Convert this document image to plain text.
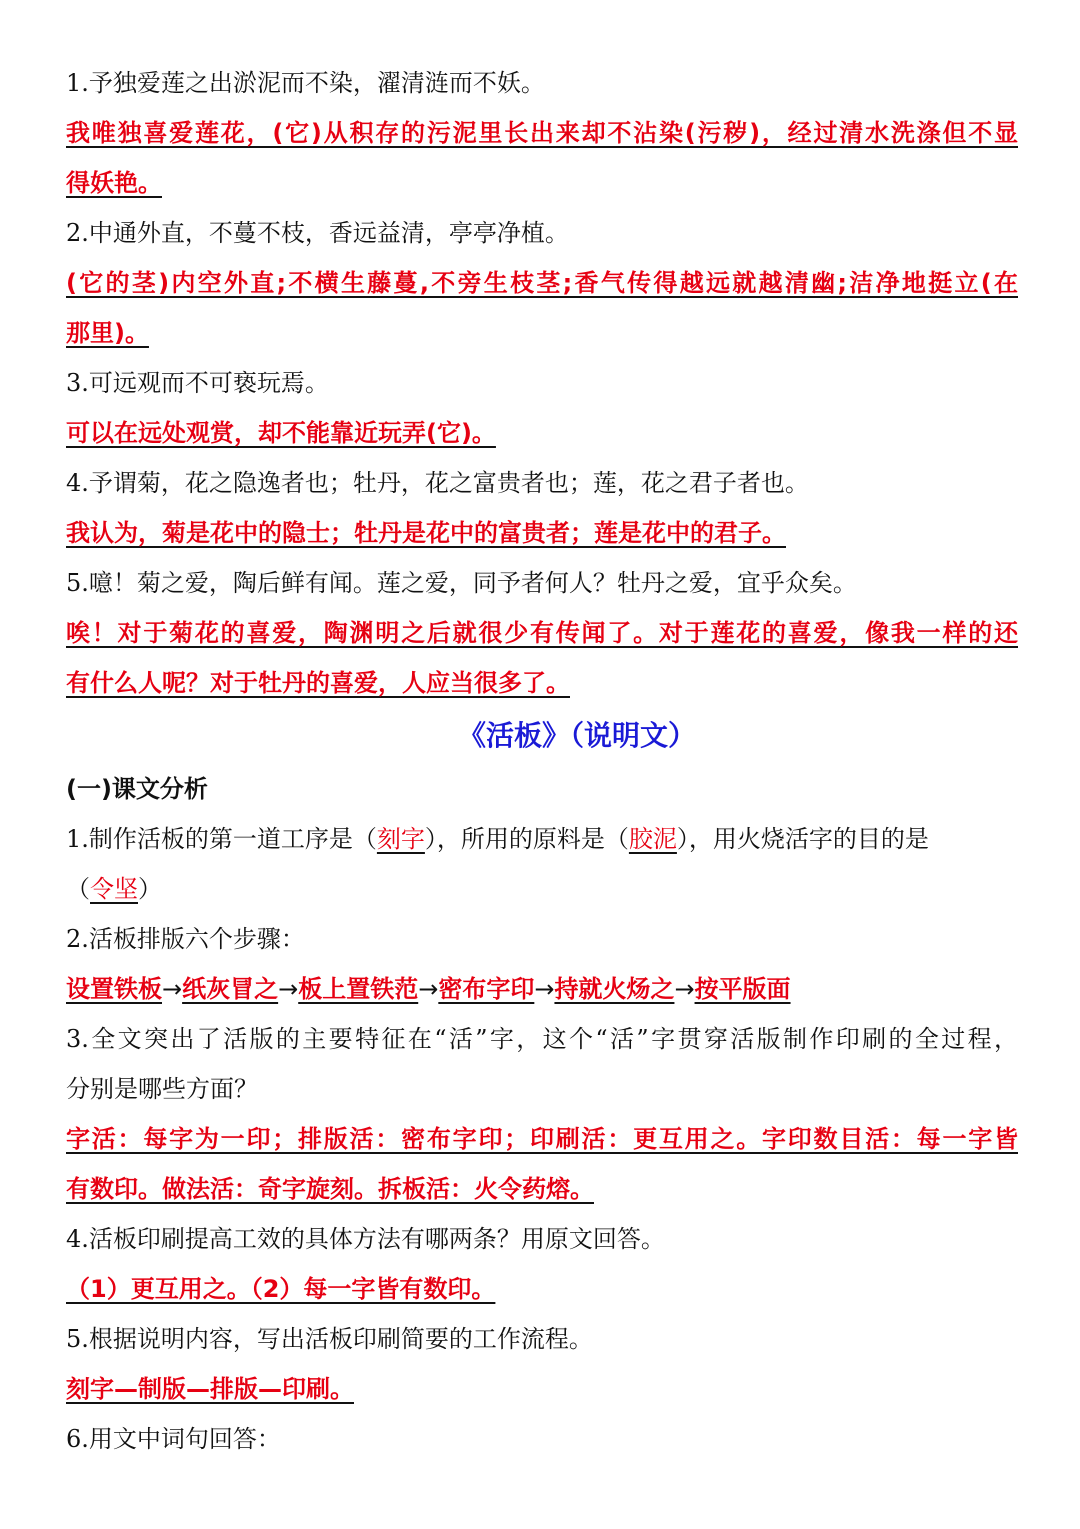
1.予独爱莲之出淤泥而不染，濯清涟而不妖。
我唯独喜爱莲花，(它)从积存的污泥里长出来却不沾染(污秽)，经过清水洗涤但不显
得妖艳。
2.中通外直，不蔓不枝，香远益清，亭亭净植。
(它的茎)内空外直;不横生藤蔓,不旁生枝茎;香气传得越远就越清幽;洁净地挺立(在
那里)。
3.可远观而不可亵玩焉。
可以在远处观赏，却不能靠近玩弄(它)。
4.予谓菊，花之隐逸者也；牡丹，花之富贵者也；莲，花之君子者也。
我认为，菊是花中的隐士；牡丹是花中的富贵者；莲是花中的君子。
5.噫！菊之爱，陶后鲜有闻。莲之爱，同予者何人？牡丹之爱，宜乎众矣。
唉！对于菊花的喜爱，陶渊明之后就很少有传闻了。对于莲花的喜爱，像我一样的还
有什么人呢？对于牡丹的喜爱，人应当很多了。
《活板》（说明文）
(一)课文分析
1.制作活板的第一道工序是（刻字），所用的原料是（胶泥），用火烧活字的目的是
（令坚）
2.活板排版六个步骤：
设置铁板→纸灰冒之→板上置铁范→密布字印→持就火炀之→按平版面
3.全文突出了活版的主要特征在“活”字，这个“活”字贯穿活版制作印刷的全过程，
分别是哪些方面？
字活：每字为一印；排版活：密布字印；印刷活：更互用之。字印数目活：每一字皆
有数印。做法活：奇字旋刻。拆板活：火令药熔。
4.活板印刷提高工效的具体方法有哪两条？用原文回答。
（1）更互用之。（2）每一字皆有数印。
5.根据说明内容，写出活板印刷简要的工作流程。
刻字—制版—排版—印刷。
6.用文中词句回答：
